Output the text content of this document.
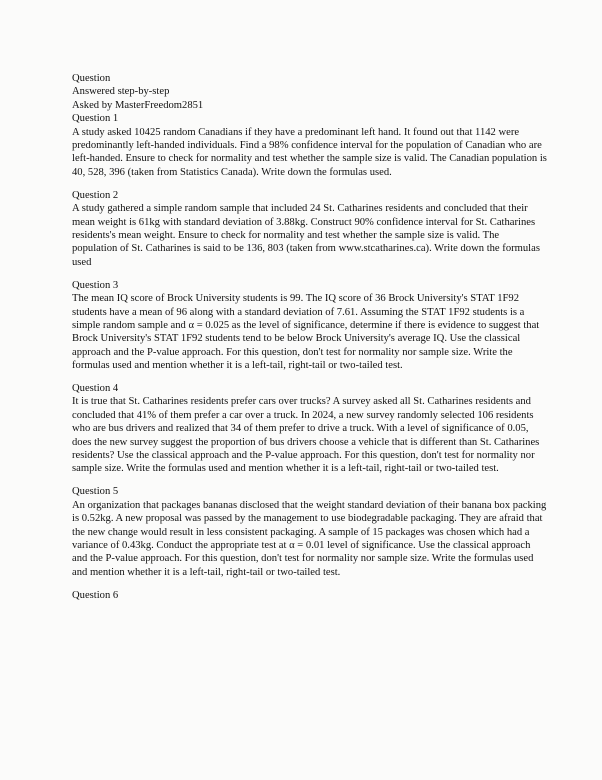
Question
Answered step-by-step
Asked by MasterFreedom2851
Question 1
A study asked 10425 random Canadians if they have a predominant left hand. It found out that 1142 were predominantly left-handed individuals. Find a 98% confidence interval for the population of Canadian who are left-handed. Ensure to check for normality and test whether the sample size is valid. The Canadian population is 40, 528, 396 (taken from Statistics Canada). Write down the formulas used.
Question 2
A study gathered a simple random sample that included 24 St. Catharines residents and concluded that their mean weight is 61kg with standard deviation of 3.88kg. Construct 90% confidence interval for St. Catharines residents's mean weight. Ensure to check for normality and test whether the sample size is valid. The population of St. Catharines is said to be 136, 803 (taken from www.stcatharines.ca). Write down the formulas used
Question 3
The mean IQ score of Brock University students is 99. The IQ score of 36 Brock University's STAT 1F92 students have a mean of 96 along with a standard deviation of 7.61. Assuming the STAT 1F92 students is a simple random sample and α = 0.025 as the level of significance, determine if there is evidence to suggest that Brock University's STAT 1F92 students tend to be below Brock University's average IQ. Use the classical approach and the P-value approach. For this question, don't test for normality nor sample size. Write the formulas used and mention whether it is a left-tail, right-tail or two-tailed test.
Question 4
It is true that St. Catharines residents prefer cars over trucks? A survey asked all St. Catharines residents and concluded that 41% of them prefer a car over a truck. In 2024, a new survey randomly selected 106 residents who are bus drivers and realized that 34 of them prefer to drive a truck. With a level of significance of 0.05, does the new survey suggest the proportion of bus drivers choose a vehicle that is different than St. Catharines residents? Use the classical approach and the P-value approach. For this question, don't test for normality nor sample size. Write the formulas used and mention whether it is a left-tail, right-tail or two-tailed test.
Question 5
An organization that packages bananas disclosed that the weight standard deviation of their banana box packing is 0.52kg. A new proposal was passed by the management to use biodegradable packaging. They are afraid that the new change would result in less consistent packaging. A sample of 15 packages was chosen which had a variance of 0.43kg. Conduct the appropriate test at α = 0.01 level of significance. Use the classical approach and the P-value approach. For this question, don't test for normality nor sample size. Write the formulas used and mention whether it is a left-tail, right-tail or two-tailed test.
Question 6
